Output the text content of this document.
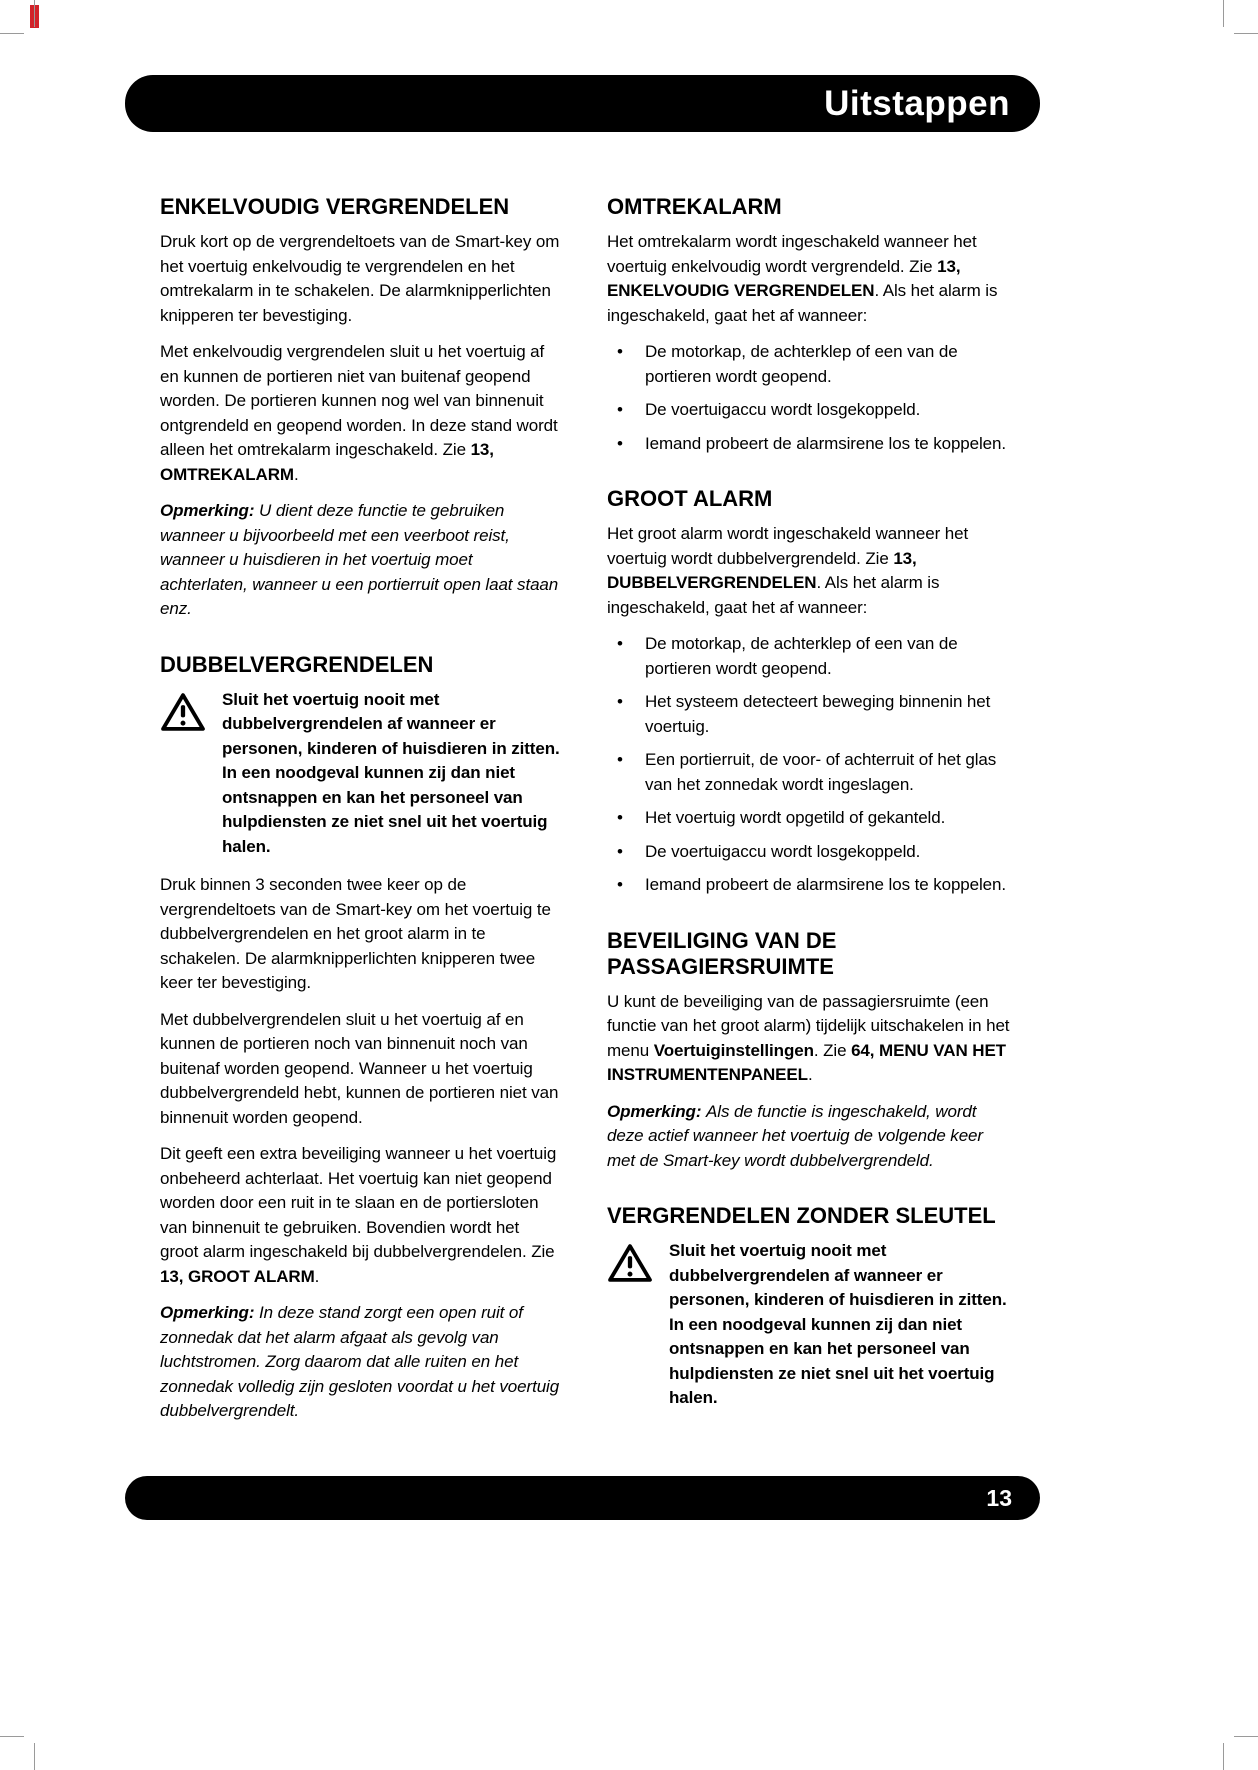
Uitstappen
ENKELVOUDIG VERGRENDELEN

Druk kort op de vergrendeltoets van de Smart-key om het voertuig enkelvoudig te vergrendelen en het omtrekalarm in te schakelen. De alarmknipperlichten knipperen ter bevestiging.

Met enkelvoudig vergrendelen sluit u het voertuig af en kunnen de portieren niet van buitenaf geopend worden. De portieren kunnen nog wel van binnenuit ontgrendeld en geopend worden. In deze stand wordt alleen het omtrekalarm ingeschakeld. Zie 13, OMTREKALARM.

Opmerking: U dient deze functie te gebruiken wanneer u bijvoorbeeld met een veerboot reist, wanneer u huisdieren in het voertuig moet achterlaten, wanneer u een portierruit open laat staan enz.

DUBBELVERGRENDELEN

Sluit het voertuig nooit met dubbelvergrendelen af wanneer er personen, kinderen of huisdieren in zitten. In een noodgeval kunnen zij dan niet ontsnappen en kan het personeel van hulpdiensten ze niet snel uit het voertuig halen.

Druk binnen 3 seconden twee keer op de vergrendeltoets van de Smart-key om het voertuig te dubbelvergrendelen en het groot alarm in te schakelen. De alarmknipperlichten knipperen twee keer ter bevestiging.

Met dubbelvergrendelen sluit u het voertuig af en kunnen de portieren noch van binnenuit noch van buitenaf worden geopend. Wanneer u het voertuig dubbelvergrendeld hebt, kunnen de portieren niet van binnenuit worden geopend.

Dit geeft een extra beveiliging wanneer u het voertuig onbeheerd achterlaat. Het voertuig kan niet geopend worden door een ruit in te slaan en de portiersloten van binnenuit te gebruiken. Bovendien wordt het groot alarm ingeschakeld bij dubbelvergrendelen. Zie 13, GROOT ALARM.

Opmerking: In deze stand zorgt een open ruit of zonnedak dat het alarm afgaat als gevolg van luchtstromen. Zorg daarom dat alle ruiten en het zonnedak volledig zijn gesloten voordat u het voertuig dubbelvergrendelt.

OMTREKALARM

Het omtrekalarm wordt ingeschakeld wanneer het voertuig enkelvoudig wordt vergrendeld. Zie 13, ENKELVOUDIG VERGRENDELEN. Als het alarm is ingeschakeld, gaat het af wanneer:

• De motorkap, de achterklep of een van de portieren wordt geopend.
• De voertuigaccu wordt losgekoppeld.
• Iemand probeert de alarmsirene los te koppelen.
GROOT ALARM

Het groot alarm wordt ingeschakeld wanneer het voertuig wordt dubbelvergrendeld. Zie 13, DUBBELVERGRENDELEN. Als het alarm is ingeschakeld, gaat het af wanneer:

• De motorkap, de achterklep of een van de portieren wordt geopend.
• Het systeem detecteert beweging binnenin het voertuig.
• Een portierruit, de voor- of achterruit of het glas van het zonnedak wordt ingeslagen.
• Het voertuig wordt opgetild of gekanteld.
• De voertuigaccu wordt losgekoppeld.
• Iemand probeert de alarmsirene los te koppelen.
BEVEILIGING VAN DE PASSAGIERSRUIMTE

U kunt de beveiliging van de passagiersruimte (een functie van het groot alarm) tijdelijk uitschakelen in het menu Voertuiginstellingen. Zie 64, MENU VAN HET INSTRUMENTENPANEEL.

Opmerking: Als de functie is ingeschakeld, wordt deze actief wanneer het voertuig de volgende keer met de Smart-key wordt dubbelvergrendeld.

VERGRENDELEN ZONDER SLEUTEL

Sluit het voertuig nooit met dubbelvergrendelen af wanneer er personen, kinderen of huisdieren in zitten. In een noodgeval kunnen zij dan niet ontsnappen en kan het personeel van hulpdiensten ze niet snel uit het voertuig halen.

13
